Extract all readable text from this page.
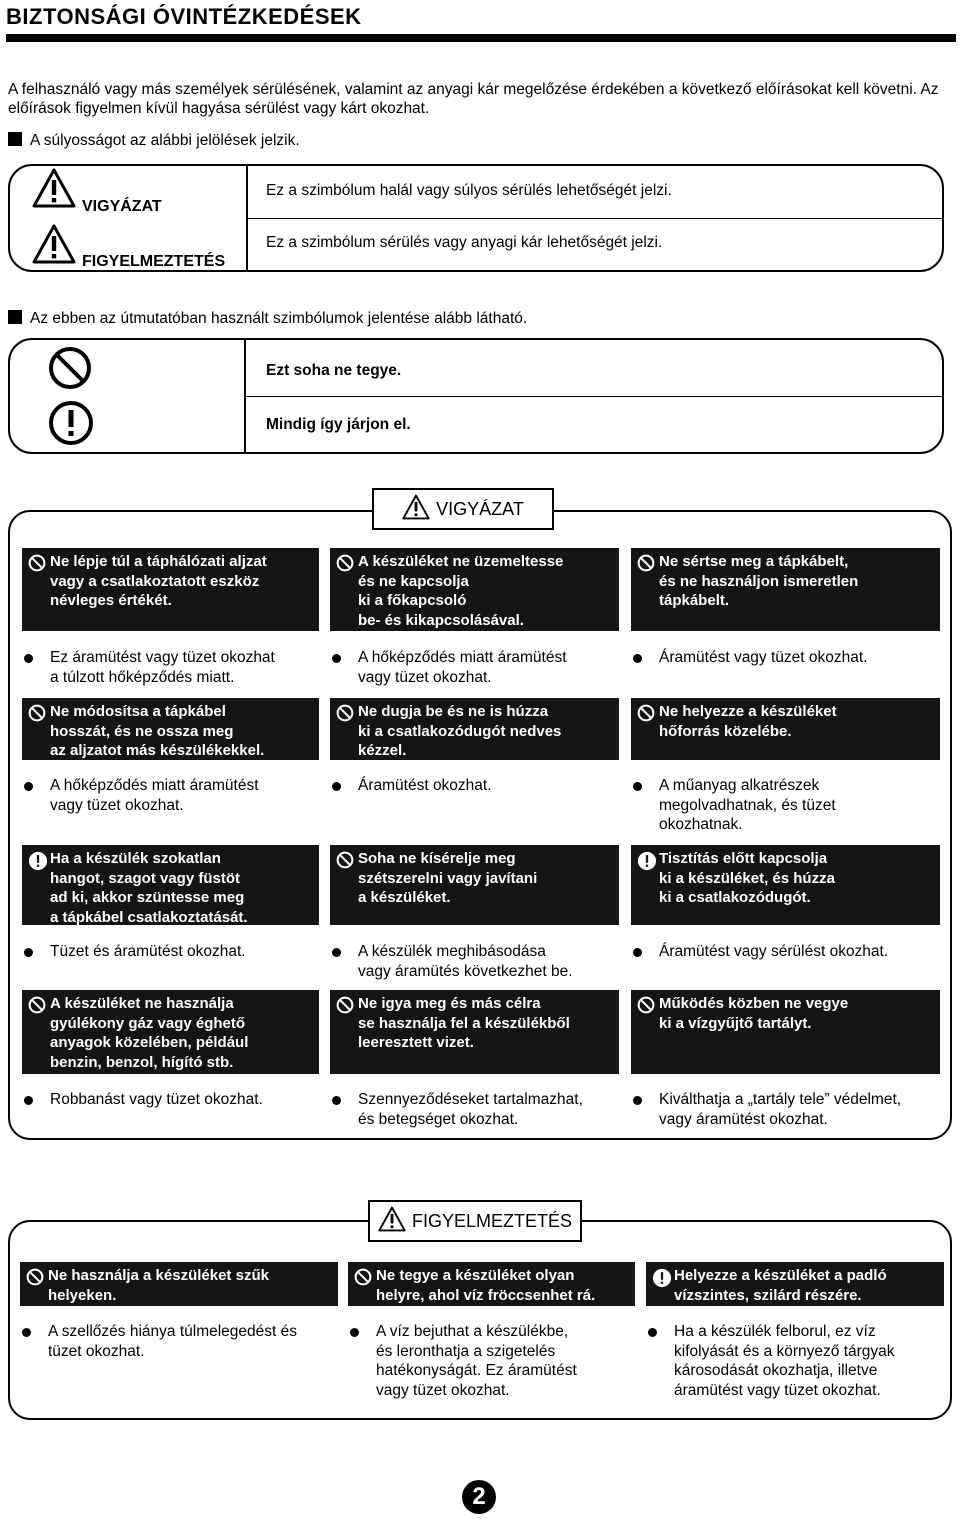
BIZTONSÁGI ÓVINTÉZKEDÉSEK
A felhasználó vagy más személyek sérülésének, valamint az anyagi kár megelőzése érdekében a következő előírásokat kell követni. Az előírások figyelmen kívül hagyása sérülést vagy kárt okozhat.
A súlyosságot az alábbi jelölések jelzik.
VIGYÁZAT
Ez a szimbólum halál vagy súlyos sérülés lehetőségét jelzi.
FIGYELMEZTETÉS
Ez a szimbólum sérülés vagy anyagi kár lehetőségét jelzi.
Az ebben az útmutatóban használt szimbólumok jelentése alább látható.
Ezt soha ne tegye.
Mindig így járjon el.
VIGYÁZAT
Ne lépje túl a táphálózati aljzat
vagy a csatlakoztatott eszköz
névleges értékét.
Ez áramütést vagy tüzet okozhat
a túlzott hőképződés miatt.
A készüléket ne üzemeltesse
és ne kapcsolja
ki a főkapcsoló
be- és kikapcsolásával.
A hőképződés miatt áramütést
vagy tüzet okozhat.
Ne sértse meg a tápkábelt,
és ne használjon ismeretlen
tápkábelt.
Áramütést vagy tüzet okozhat.
Ne módosítsa a tápkábel
hosszát, és ne ossza meg
az aljzatot más készülékekkel.
A hőképződés miatt áramütést
vagy tüzet okozhat.
Ne dugja be és ne is húzza
ki a csatlakozódugót nedves
kézzel.
Áramütést okozhat.
Ne helyezze a készüléket
hőforrás közelébe.
A műanyag alkatrészek
megolvadhatnak, és tüzet
okozhatnak.
Ha a készülék szokatlan
hangot, szagot vagy füstöt
ad ki, akkor szüntesse meg
a tápkábel csatlakoztatását.
Tüzet és áramütést okozhat.
Soha ne kísérelje meg
szétszerelni vagy javítani
a készüléket.
A készülék meghibásodása
vagy áramütés következhet be.
Tisztítás előtt kapcsolja
ki a készüléket, és húzza
ki a csatlakozódugót.
Áramütést vagy sérülést okozhat.
A készüléket ne használja
gyúlékony gáz vagy éghető
anyagok közelében, például
benzin, benzol, hígító stb.
Robbanást vagy tüzet okozhat.
Ne igya meg és más célra
se használja fel a készülékből
leeresztett vizet.
Szennyeződéseket tartalmazhat,
és betegséget okozhat.
Működés közben ne vegye
ki a vízgyűjtő tartályt.
Kiválthatja a „tartály tele” védelmet,
vagy áramütést okozhat.
FIGYELMEZTETÉS
Ne használja a készüléket szűk
helyeken.
A szellőzés hiánya túlmelegedést és
tüzet okozhat.
Ne tegye a készüléket olyan
helyre, ahol víz fröccsenhet rá.
A víz bejuthat a készülékbe,
és leronthatja a szigetelés
hatékonyságát. Ez áramütést
vagy tüzet okozhat.
Helyezze a készüléket a padló
vízszintes, szilárd részére.
Ha a készülék felborul, ez víz
kifolyását és a környező tárgyak
károsodását okozhatja, illetve
áramütést vagy tüzet okozhat.
2
